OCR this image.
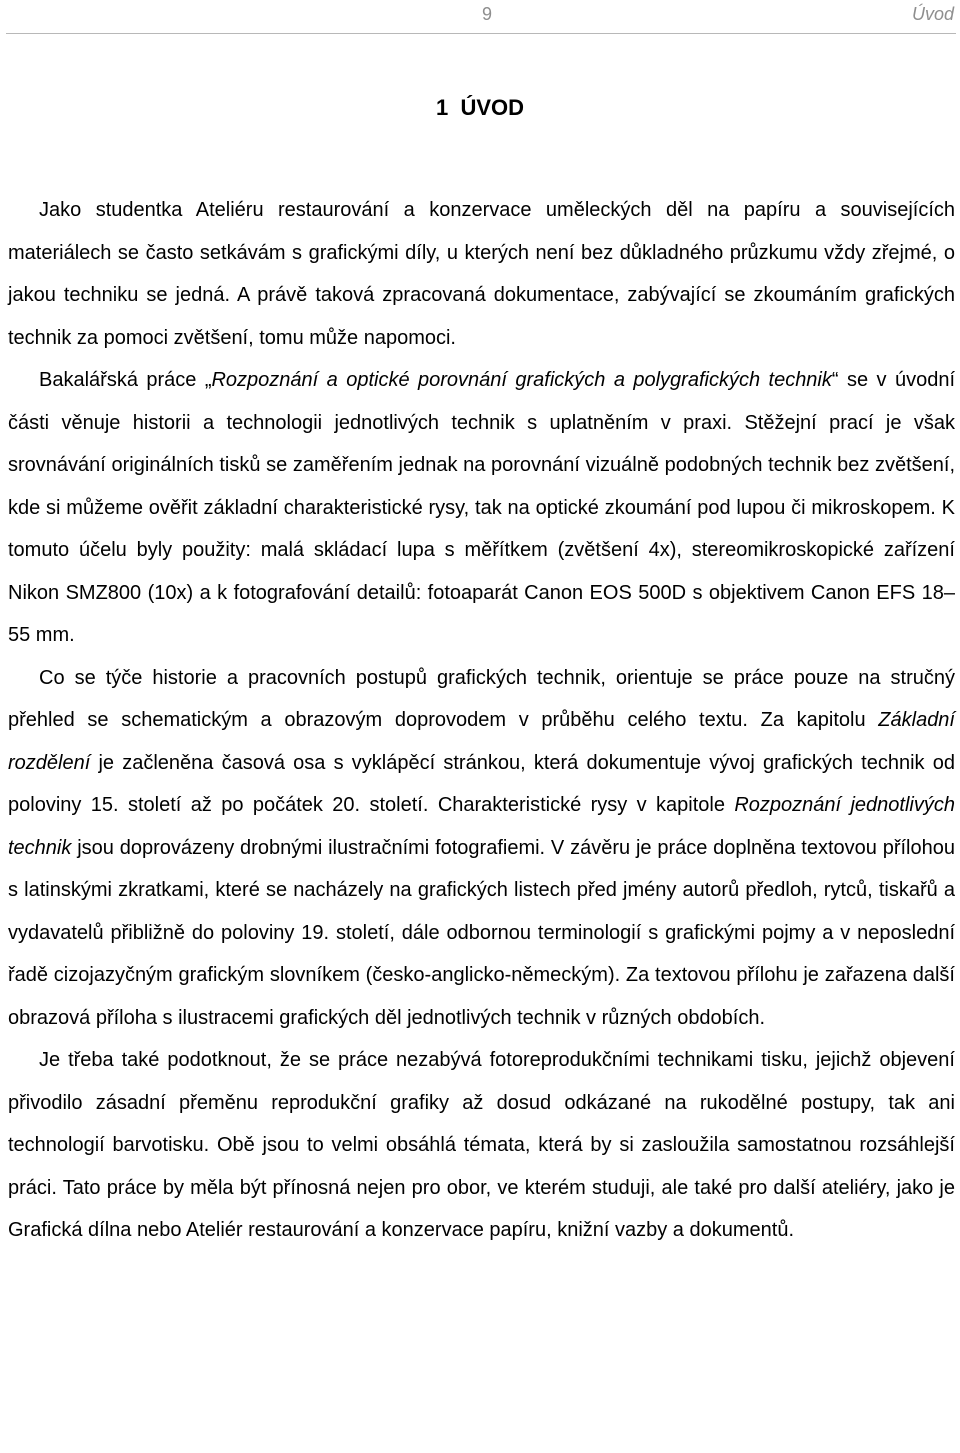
9	Úvod
1  ÚVOD

Jako studentka Ateliéru restaurování a konzervace uměleckých děl na papíru a souvisejících materiálech se často setkávám s grafickými díly, u kterých není bez důkladného průzkumu vždy zřejmé, o jakou techniku se jedná. A právě taková zpracovaná dokumentace, zabývající se zkoumáním grafických technik za pomoci zvětšení, tomu může napomoci.

Bakalářská práce „Rozpoznání a optické porovnání grafických a polygrafických technik“ se v úvodní části věnuje historii a technologii jednotlivých technik s uplatněním v praxi. Stěžejní prací je však srovnávání originálních tisků se zaměřením jednak na porovnání vizuálně podobných technik bez zvětšení, kde si můžeme ověřit základní charakteristické rysy, tak na optické zkoumání pod lupou či mikroskopem. K tomuto účelu byly použity: malá skládací lupa s měřítkem (zvětšení 4x), stereomikroskopické zařízení Nikon SMZ800 (10x) a k fotografování detailů: fotoaparát Canon EOS 500D s objektivem Canon EFS 18–55 mm.

Co se týče historie a pracovních postupů grafických technik, orientuje se práce pouze na stručný přehled se schematickým a obrazovým doprovodem v průběhu celého textu. Za kapitolu Základní rozdělení je začleněna časová osa s vyklápěcí stránkou, která dokumentuje vývoj grafických technik od poloviny 15. století až po počátek 20. století. Charakteristické rysy v kapitole Rozpoznání jednotlivých technik jsou doprovázeny drobnými ilustračními fotografiemi. V závěru je práce doplněna textovou přílohou s latinskými zkratkami, které se nacházely na grafických listech před jmény autorů předloh, rytců, tiskařů a vydavatelů přibližně do poloviny 19. století, dále odbornou terminologií s grafickými pojmy a v neposlední řadě cizojazyčným grafickým slovníkem (česko-anglicko-německým). Za textovou přílohu je zařazena další obrazová příloha s ilustracemi grafických děl jednotlivých technik v různých obdobích.

Je třeba také podotknout, že se práce nezabývá fotoreprodukčními technikami tisku, jejichž objevení přivodilo zásadní přeměnu reprodukční grafiky až dosud odkázané na rukodělné postupy, tak ani technologií barvotisku. Obě jsou to velmi obsáhlá témata, která by si zasloužila samostatnou rozsáhlejší práci. Tato práce by měla být přínosná nejen pro obor, ve kterém studuji, ale také pro další ateliéry, jako je Grafická dílna nebo Ateliér restaurování a konzervace papíru, knižní vazby a dokumentů.
